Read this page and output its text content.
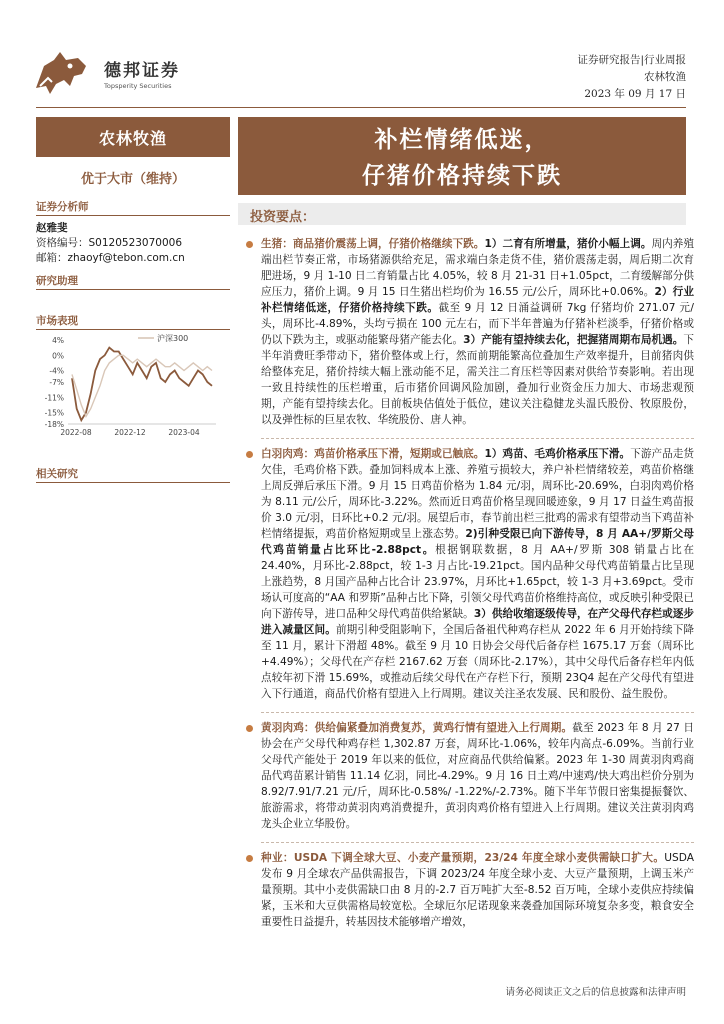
德邦证券
Topsperity Securities
证券研究报告|行业周报
农林牧渔
2023 年 09 月 17 日
农林牧渔	补栏情绪低迷，
仔猪价格持续下跌
优于大市（维持）
证券分析师
赵雅斐
资格编号：S0120523070006
邮箱：zhaoyf@tebon.com.cn
研究助理
市场表现
4%
0%
-4%
-7%
-11%
-15%
-18%
2022-08	2022-12	2023-04
沪深300
相关研究
投资要点：
生猪：商品猪价震荡上调，仔猪价格继续下跌。1）二育有所增量，猪价小幅上调。周内养殖端出栏节奏正常，市场猪源供给充足，需求端白条走货不佳，猪价震荡走弱，周后期二次育肥进场，9 月 1-10 日二育销量占比 4.05%，较 8 月 21-31 日+1.05pct，二育缓解部分供应压力，猪价上调。9 月 15 日生猪出栏均价为 16.55 元/公斤，周环比+0.06%。2）行业补栏情绪低迷，仔猪价格持续下跌。截至 9 月 12 日涌益调研 7kg 仔猪均价 271.07 元/头，周环比-4.89%，头均亏损在 100 元左右，而下半年普遍为仔猪补栏淡季，仔猪价格或仍以下跌为主，或驱动能繁母猪产能去化。3）产能有望持续去化，把握猪周期布局机遇。下半年消费旺季带动下，猪价整体或上行，然而前期能繁高位叠加生产效率提升，目前猪肉供给整体充足，猪价持续大幅上涨动能不足，需关注二育压栏等因素对供给节奏影响。若出现一致且持续性的压栏增重，后市猪价回调风险加剧，叠加行业资金压力加大、市场悲观预期，产能有望持续去化。目前板块估值处于低位，建议关注稳健龙头温氏股份、牧原股份，以及弹性标的巨星农牧、华统股份、唐人神。
白羽肉鸡：鸡苗价格承压下滑，短期或已触底。1）鸡苗、毛鸡价格承压下滑。下游产品走货欠佳，毛鸡价格下跌。叠加饲料成本上涨、养殖亏损较大，养户补栏情绪较差，鸡苗价格继上周反弹后承压下滑。9 月 15 日鸡苗价格为 1.84 元/羽，周环比-20.69%，白羽肉鸡价格为 8.11 元/公斤，周环比-3.22%。然而近日鸡苗价格呈现回暖迹象，9 月 17 日益生鸡苗报价 3.0 元/羽，日环比+0.2 元/羽。展望后市，春节前出栏三批鸡的需求有望带动当下鸡苗补栏情绪提振，鸡苗价格短期或呈上涨态势。2)引种受限已向下游传导，8 月 AA+/罗斯父母代鸡苗销量占比环比-2.88pct。根据钢联数据，8 月 AA+/罗斯 308 销量占比在 24.40%，月环比-2.88pct，较 1-3 月占比-19.21pct。国内品种父母代鸡苗销量占比呈现上涨趋势，8 月国产品种占比合计 23.97%，月环比+1.65pct，较 1-3 月+3.69pct。受市场认可度高的“AA 和罗斯”品种占比下降，引领父母代鸡苗价格维持高位，或反映引种受限已向下游传导，进口品种父母代鸡苗供给紧缺。3）供给收缩逐级传导，在产父母代存栏或逐步进入减量区间。前期引种受阻影响下，全国后备祖代种鸡存栏从 2022 年 6 月开始持续下降至 11 月，累计下滑超 48%。截至 9 月 10 日协会父母代后备存栏 1675.17 万套（周环比+4.49%）；父母代在产存栏 2167.62 万套（周环比-2.17%），其中父母代后备存栏年内低点较年初下滑 15.69%，或推动后续父母代在产存栏下行，预期 23Q4 起在产父母代有望进入下行通道，商品代价格有望进入上行周期。建议关注圣农发展、民和股份、益生股份。
黄羽肉鸡：供给偏紧叠加消费复苏，黄鸡行情有望进入上行周期。截至 2023 年 8 月 27 日协会在产父母代种鸡存栏 1,302.87 万套，周环比-1.06%，较年内高点-6.09%。当前行业父母代产能处于 2019 年以来的低位，对应商品代供给偏紧。2023 年 1-30 周黄羽肉鸡商品代鸡苗累计销售 11.14 亿羽，同比-4.29%。9 月 16 日土鸡/中速鸡/快大鸡出栏价分别为 8.92/7.91/7.21 元/斤，周环比-0.58%/ -1.22%/-2.73%。随下半年节假日密集提振餐饮、旅游需求，将带动黄羽肉鸡消费提升，黄羽肉鸡价格有望进入上行周期。建议关注黄羽肉鸡龙头企业立华股份。
种业：USDA 下调全球大豆、小麦产量预期，23/24 年度全球小麦供需缺口扩大。USDA 发布 9 月全球农产品供需报告，下调 2023/24 年度全球小麦、大豆产量预期，上调玉米产量预期。其中小麦供需缺口由 8 月的-2.7 百万吨扩大至-8.52 百万吨，全球小麦供应持续偏紧，玉米和大豆供需格局较宽松。全球厄尔尼诺现象来袭叠加国际环境复杂多变，粮食安全重要性日益提升，转基因技术能够增产增效，
请务必阅读正文之后的信息披露和法律声明
